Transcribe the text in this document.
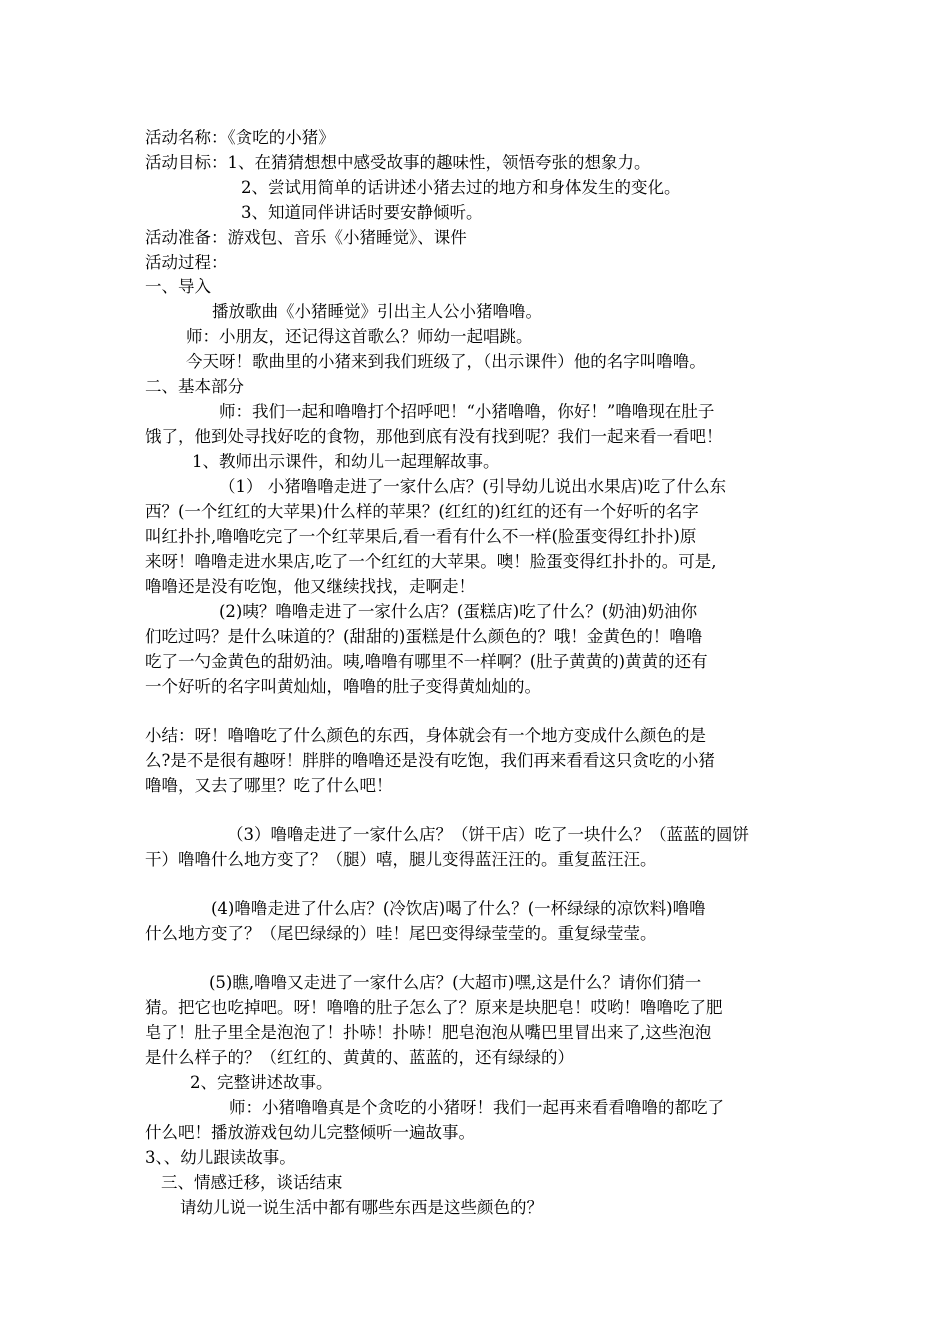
活动名称：《贪吃的小猪》
活动目标：1、在猜猜想想中感受故事的趣味性，领悟夸张的想象力。
2、尝试用简单的话讲述小猪去过的地方和身体发生的变化。
3、知道同伴讲话时要安静倾听。
活动准备：游戏包、音乐《小猪睡觉》、课件
活动过程：
一、导入
播放歌曲《小猪睡觉》引出主人公小猪噜噜。
师：小朋友，还记得这首歌么？师幼一起唱跳。
今天呀！歌曲里的小猪来到我们班级了，（出示课件）他的名字叫噜噜。
二、基本部分
师：我们一起和噜噜打个招呼吧！“小猪噜噜，你好！”噜噜现在肚子
饿了，他到处寻找好吃的食物，那他到底有没有找到呢？我们一起来看一看吧！
1、教师出示课件，和幼儿一起理解故事。
（1） 小猪噜噜走进了一家什么店？(引导幼儿说出水果店)吃了什么东
西？(一个红红的大苹果)什么样的苹果？(红红的)红红的还有一个好听的名字
叫红扑扑,噜噜吃完了一个红苹果后,看一看有什么不一样(脸蛋变得红扑扑)原
来呀！噜噜走进水果店,吃了一个红红的大苹果。噢！脸蛋变得红扑扑的。可是,
噜噜还是没有吃饱，他又继续找找，走啊走！
(2)咦？噜噜走进了一家什么店？(蛋糕店)吃了什么？(奶油)奶油你
们吃过吗？是什么味道的？(甜甜的)蛋糕是什么颜色的？哦！金黄色的！噜噜
吃了一勺金黄色的甜奶油。咦,噜噜有哪里不一样啊？(肚子黄黄的)黄黄的还有
一个好听的名字叫黄灿灿，噜噜的肚子变得黄灿灿的。
小结：呀！噜噜吃了什么颜色的东西，身体就会有一个地方变成什么颜色的是
么?是不是很有趣呀！胖胖的噜噜还是没有吃饱，我们再来看看这只贪吃的小猪
噜噜，又去了哪里？吃了什么吧！
（3）噜噜走进了一家什么店？（饼干店）吃了一块什么？（蓝蓝的圆饼
干）噜噜什么地方变了？（腿）嘻，腿儿变得蓝汪汪的。重复蓝汪汪。
(4)噜噜走进了什么店？(冷饮店)喝了什么？(一杯绿绿的凉饮料)噜噜
什么地方变了？（尾巴绿绿的）哇！尾巴变得绿莹莹的。重复绿莹莹。
(5)瞧,噜噜又走进了一家什么店？(大超市)嘿,这是什么？请你们猜一
猜。把它也吃掉吧。呀！噜噜的肚子怎么了？原来是块肥皂！哎哟！噜噜吃了肥
皂了！肚子里全是泡泡了！扑哧！扑哧！肥皂泡泡从嘴巴里冒出来了,这些泡泡
是什么样子的？（红红的、黄黄的、蓝蓝的，还有绿绿的）
2、完整讲述故事。
师：小猪噜噜真是个贪吃的小猪呀！我们一起再来看看噜噜的都吃了
什么吧！播放游戏包幼儿完整倾听一遍故事。
3、、幼儿跟读故事。
三、情感迁移，谈话结束
请幼儿说一说生活中都有哪些东西是这些颜色的？
